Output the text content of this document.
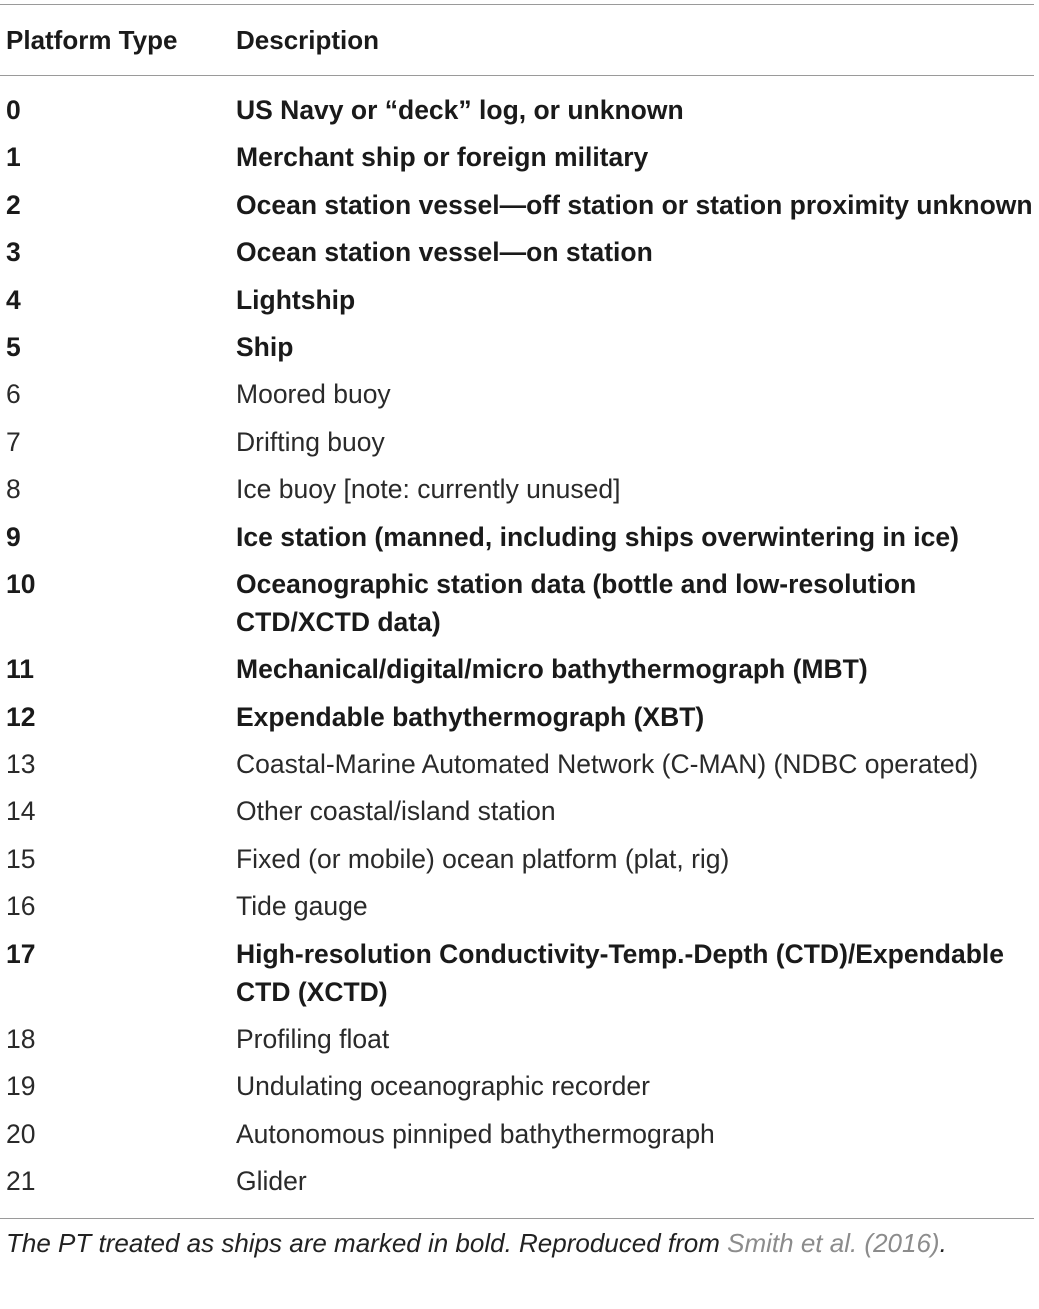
Platform Type	Description
0	US Navy or “deck” log, or unknown
1	Merchant ship or foreign military
2	Ocean station vessel—off station or station proximity unknown
3	Ocean station vessel—on station
4	Lightship
5	Ship
6	Moored buoy
7	Drifting buoy
8	Ice buoy [note: currently unused]
9	Ice station (manned, including ships overwintering in ice)
10	Oceanographic station data (bottle and low-resolution CTD/XCTD data)
11	Mechanical/digital/micro bathythermograph (MBT)
12	Expendable bathythermograph (XBT)
13	Coastal-Marine Automated Network (C-MAN) (NDBC operated)
14	Other coastal/island station
15	Fixed (or mobile) ocean platform (plat, rig)
16	Tide gauge
17	High-resolution Conductivity-Temp.-Depth (CTD)/Expendable CTD (XCTD)
18	Profiling float
19	Undulating oceanographic recorder
20	Autonomous pinniped bathythermograph
21	Glider
The PT treated as ships are marked in bold. Reproduced from Smith et al. (2016).
